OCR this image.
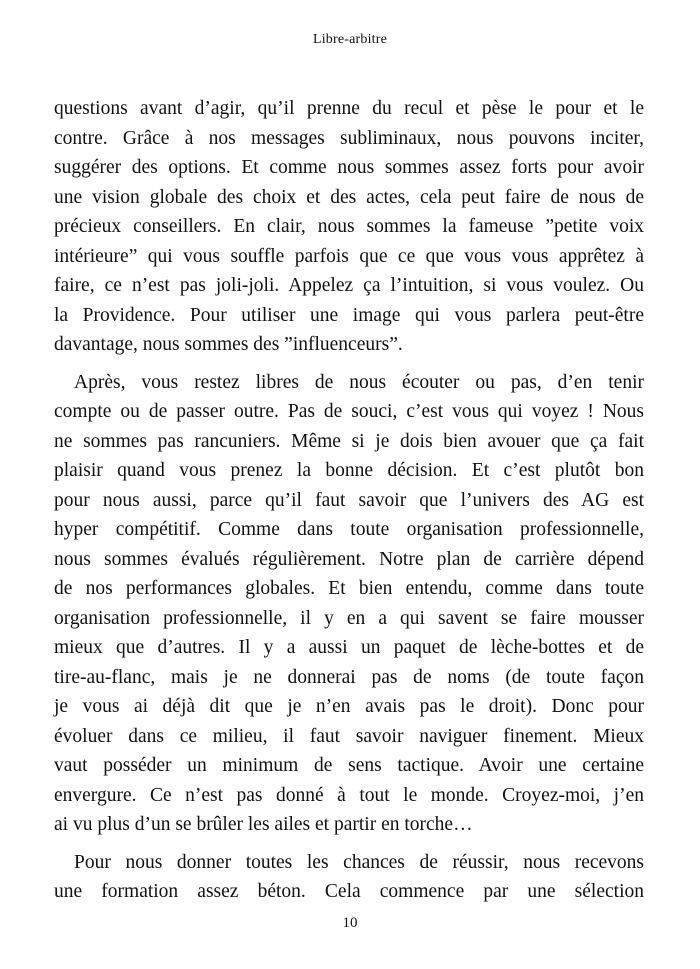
Libre-arbitre

questions avant d’agir, qu’il prenne du recul et pèse le pour et le
contre. Grâce à nos messages subliminaux, nous pouvons inciter,
suggérer des options. Et comme nous sommes assez forts pour avoir
une vision globale des choix et des actes, cela peut faire de nous de
précieux conseillers. En clair, nous sommes la fameuse ”petite voix
intérieure” qui vous souffle parfois que ce que vous vous apprêtez à
faire, ce n’est pas joli-joli. Appelez ça l’intuition, si vous voulez. Ou
la Providence. Pour utiliser une image qui vous parlera peut-être
davantage, nous sommes des ”influenceurs”.

Après, vous restez libres de nous écouter ou pas, d’en tenir
compte ou de passer outre. Pas de souci, c’est vous qui voyez ! Nous
ne sommes pas rancuniers. Même si je dois bien avouer que ça fait
plaisir quand vous prenez la bonne décision. Et c’est plutôt bon
pour nous aussi, parce qu’il faut savoir que l’univers des AG est
hyper compétitif. Comme dans toute organisation professionnelle,
nous sommes évalués régulièrement. Notre plan de carrière dépend
de nos performances globales. Et bien entendu, comme dans toute
organisation professionnelle, il y en a qui savent se faire mousser
mieux que d’autres. Il y a aussi un paquet de lèche-bottes et de
tire-au-flanc, mais je ne donnerai pas de noms (de toute façon
je vous ai déjà dit que je n’en avais pas le droit). Donc pour
évoluer dans ce milieu, il faut savoir naviguer finement. Mieux
vaut posséder un minimum de sens tactique. Avoir une certaine
envergure. Ce n’est pas donné à tout le monde. Croyez-moi, j’en
ai vu plus d’un se brûler les ailes et partir en torche…

Pour nous donner toutes les chances de réussir, nous recevons
une formation assez béton. Cela commence par une sélection

10
